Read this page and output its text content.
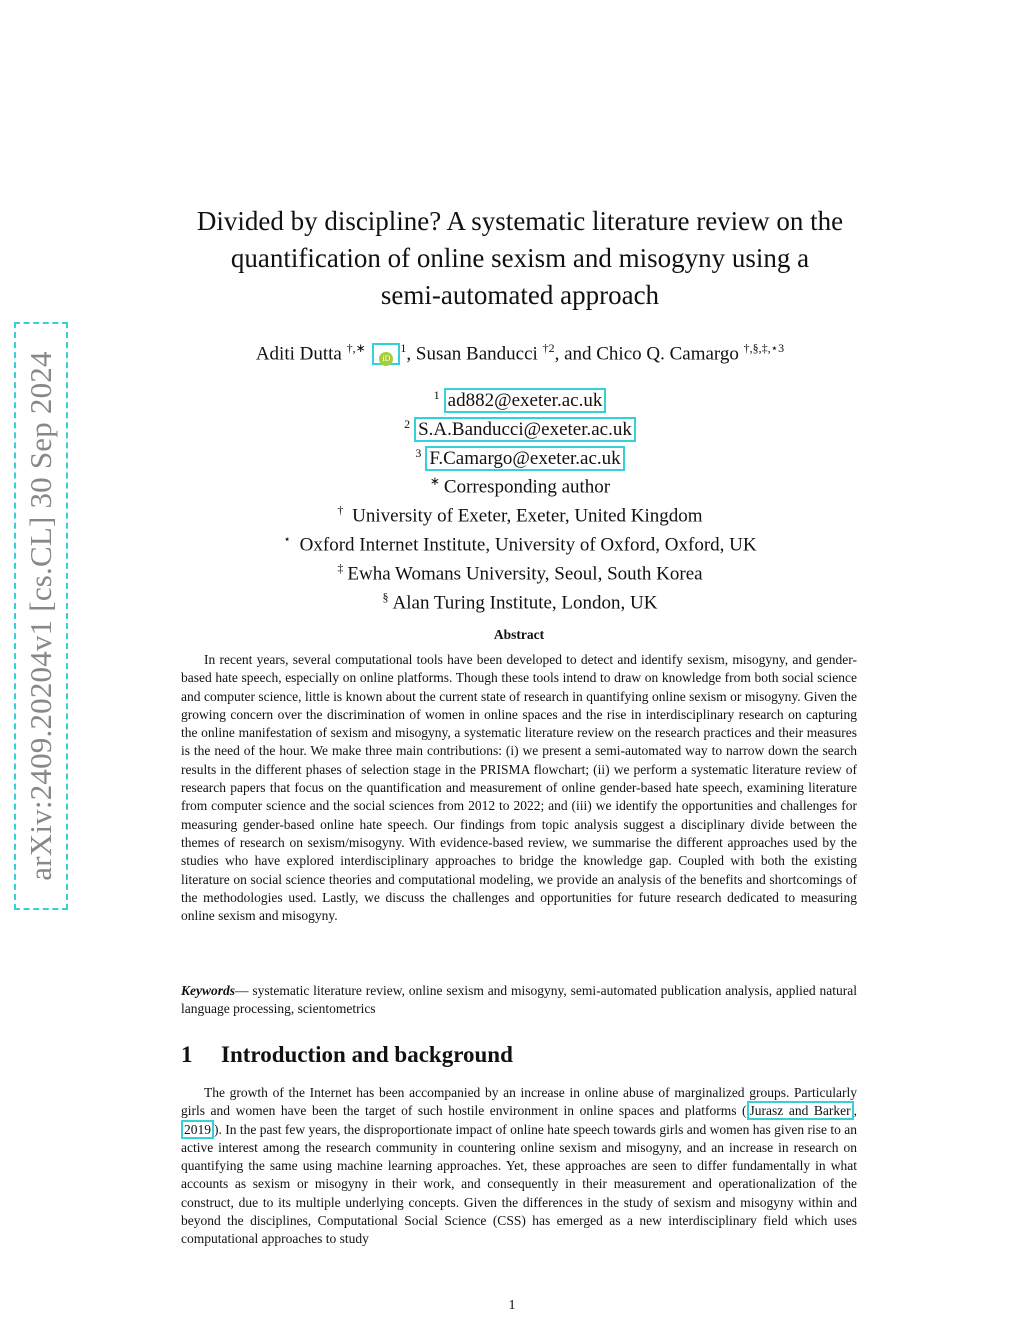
arXiv:2409.20204v1 [cs.CL] 30 Sep 2024
Divided by discipline? A systematic literature review on the
quantification of online sexism and misogyny using a
semi-automated approach
Aditi Dutta †,∗ $iD^1$, Susan Banducci $^{\dagger 2}$, and Chico Q. Camargo $^{\dagger,\S,\ddagger,⋆3}$
$^1$ ad882@exeter.ac.uk
$^2$ S.A.Banducci@exeter.ac.uk
$^3$ F.Camargo@exeter.ac.uk
∗ Corresponding author
† University of Exeter, Exeter, United Kingdom
⋆ Oxford Internet Institute, University of Oxford, Oxford, UK
‡ Ewha Womans University, Seoul, South Korea
§ Alan Turing Institute, London, UK
Abstract
In recent years, several computational tools have been developed to detect and identify sexism, misogyny, and gender-based hate speech, especially on online platforms. Though these tools intend to draw on knowledge from both social science and computer science, little is known about the current state of research in quantifying online sexism or misogyny. Given the growing concern over the discrimination of women in online spaces and the rise in interdisciplinary research on capturing the online manifestation of sexism and misogyny, a systematic literature review on the research practices and their measures is the need of the hour. We make three main contributions: (i) we present a semi-automated way to narrow down the search results in the different phases of selection stage in the PRISMA flowchart; (ii) we perform a systematic literature review of research papers that focus on the quantification and measurement of online gender-based hate speech, examining literature from computer science and the social sciences from 2012 to 2022; and (iii) we identify the opportunities and challenges for measuring gender-based online hate speech. Our findings from topic analysis suggest a disciplinary divide between the themes of research on sexism/misogyny. With evidence-based review, we summarise the different approaches used by the studies who have explored interdisciplinary approaches to bridge the knowledge gap. Coupled with both the existing literature on social science theories and computational modeling, we provide an analysis of the benefits and shortcomings of the methodologies used. Lastly, we discuss the challenges and opportunities for future research dedicated to measuring online sexism and misogyny.
Keywords— systematic literature review, online sexism and misogyny, semi-automated publication analysis, applied natural language processing, scientometrics
1 Introduction and background
The growth of the Internet has been accompanied by an increase in online abuse of marginalized groups. Particularly girls and women have been the target of such hostile environment in online spaces and platforms ( Jurasz and Barker , 2019 ). In the past few years, the disproportionate impact of online hate speech towards girls and women has given rise to an active interest among the research community in countering online sexism and misogyny, and an increase in research on quantifying the same using machine learning approaches. Yet, these approaches are seen to differ fundamentally in what accounts as sexism or misogyny in their work, and consequently in their measurement and operationalization of the construct, due to its multiple underlying concepts. Given the differences in the study of sexism and misogyny within and beyond the disciplines, Computational Social Science (CSS) has emerged as a new interdisciplinary field which uses computational approaches to study
1
